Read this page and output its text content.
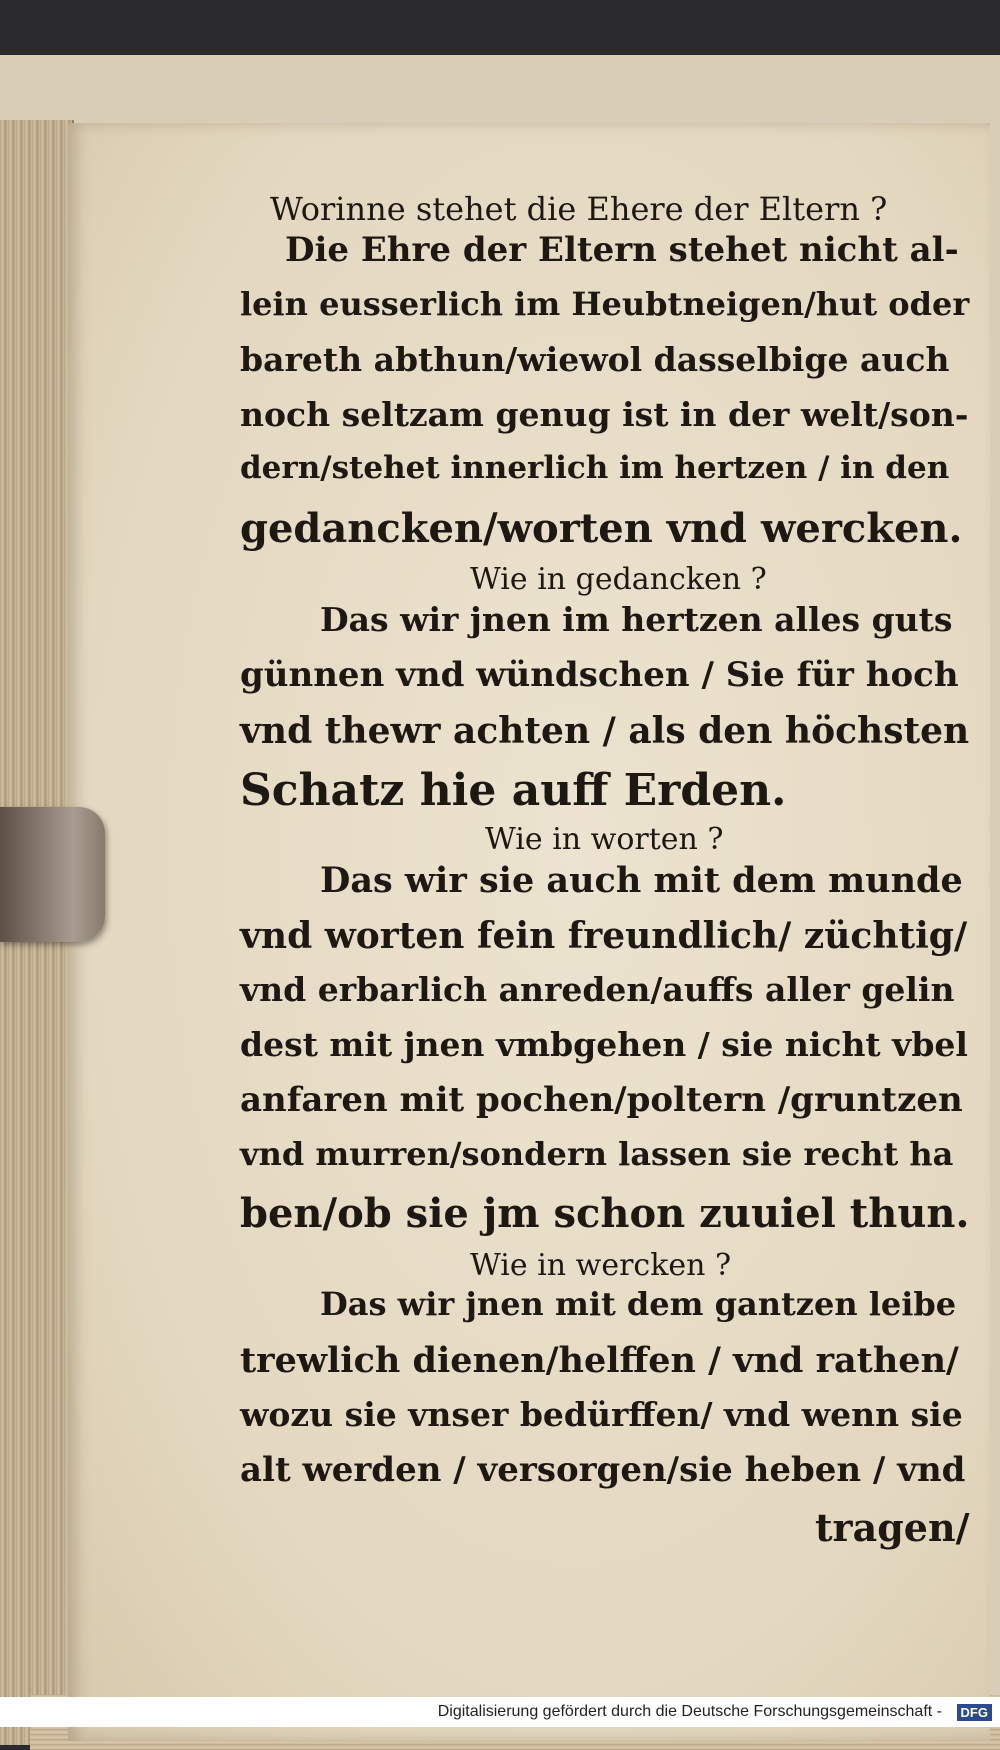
Worinne stehet die Ehere der Eltern ?
Die Ehre der Eltern stehet nicht al-
lein eusserlich im Heubtneigen/hut oder
bareth abthun/wiewol dasselbige auch
noch seltzam genug ist in der welt/son-
dern/stehet innerlich im hertzen / in den
gedancken/worten vnd wercken.
Wie in gedancken ?
Das wir jnen im hertzen alles guts
günnen vnd wündschen / Sie für hoch
vnd thewr achten / als den höchsten
Schatz hie auff Erden.
Wie in worten ?
Das wir sie auch mit dem munde
vnd worten fein freundlich/ züchtig/
vnd erbarlich anreden/auffs aller gelin
dest mit jnen vmbgehen / sie nicht vbel
anfaren mit pochen/poltern /gruntzen
vnd murren/sondern lassen sie recht ha
ben/ob sie jm schon zuuiel thun.
Wie in wercken ?
Das wir jnen mit dem gantzen leibe
trewlich dienen/helffen / vnd rathen/
wozu sie vnser bedürffen/ vnd wenn sie
alt werden / versorgen/sie heben / vnd
tragen/
Digitalisierung gefördert durch die Deutsche Forschungsgemeinschaft -	DFG
